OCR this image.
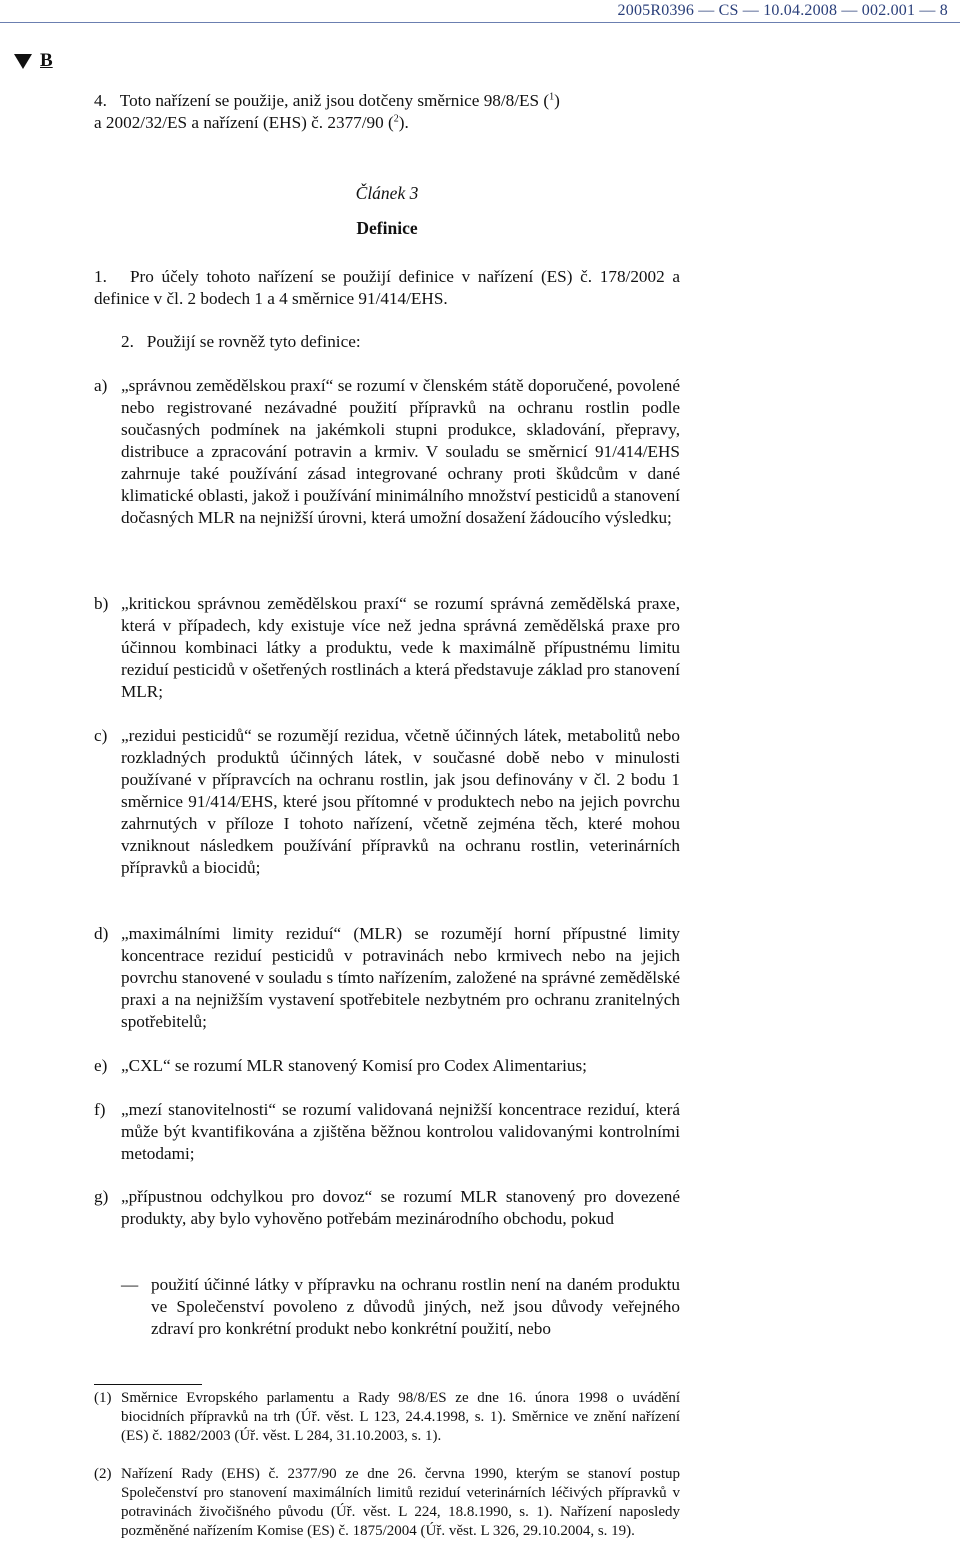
2005R0396 — CS — 10.04.2008 — 002.001 — 8
B
4. Toto nařízení se použije, aniž jsou dotčeny směrnice 98/8/ES ($^1$)
a 2002/32/ES a nařízení (EHS) č. 2377/90 ($^2$).
Článek 3
Definice
1. Pro účely tohoto nařízení se použijí definice v nařízení (ES) č. 178/2002 a definice v čl. 2 bodech 1 a 4 směrnice 91/414/EHS.
2. Použijí se rovněž tyto definice:
a) „správnou zemědělskou praxí“ se rozumí v členském státě doporučené, povolené nebo registrované nezávadné použití přípravků na ochranu rostlin podle současných podmínek na jakémkoli stupni produkce, skladování, přepravy, distribuce a zpracování potravin a krmiv. V souladu se směrnicí 91/414/EHS zahrnuje také používání zásad integrované ochrany proti škůdcům v dané klimatické oblasti, jakož i používání minimálního množství pesticidů a stanovení dočasných MLR na nejnižší úrovni, která umožní dosažení žádoucího výsledku;
b) „kritickou správnou zemědělskou praxí“ se rozumí správná zemědělská praxe, která v případech, kdy existuje více než jedna správná zemědělská praxe pro účinnou kombinaci látky a produktu, vede k maximálně přípustnému limitu reziduí pesticidů v ošetřených rostlinách a která představuje základ pro stanovení MLR;
c) „rezidui pesticidů“ se rozumějí rezidua, včetně účinných látek, metabolitů nebo rozkladných produktů účinných látek, v současné době nebo v minulosti používané v přípravcích na ochranu rostlin, jak jsou definovány v čl. 2 bodu 1 směrnice 91/414/EHS, které jsou přítomné v produktech nebo na jejich povrchu zahrnutých v příloze I tohoto nařízení, včetně zejména těch, které mohou vzniknout následkem používání přípravků na ochranu rostlin, veterinárních přípravků a biocidů;
d) „maximálními limity reziduí“ (MLR) se rozumějí horní přípustné limity koncentrace reziduí pesticidů v potravinách nebo krmivech nebo na jejich povrchu stanovené v souladu s tímto nařízením, založené na správné zemědělské praxi a na nejnižším vystavení spotřebitele nezbytném pro ochranu zranitelných spotřebitelů;
e) „CXL“ se rozumí MLR stanovený Komisí pro Codex Alimentarius;
f) „mezí stanovitelnosti“ se rozumí validovaná nejnižší koncentrace reziduí, která může být kvantifikována a zjištěna běžnou kontrolou validovanými kontrolními metodami;
g) „přípustnou odchylkou pro dovoz“ se rozumí MLR stanovený pro dovezené produkty, aby bylo vyhověno potřebám mezinárodního obchodu, pokud
— použití účinné látky v přípravku na ochranu rostlin není na daném produktu ve Společenství povoleno z důvodů jiných, než jsou důvody veřejného zdraví pro konkrétní produkt nebo konkrétní použití, nebo
(1) Směrnice Evropského parlamentu a Rady 98/8/ES ze dne 16. února 1998 o uvádění biocidních přípravků na trh (Úř. věst. L 123, 24.4.1998, s. 1). Směrnice ve znění nařízení (ES) č. 1882/2003 (Úř. věst. L 284, 31.10.2003, s. 1).
(2) Nařízení Rady (EHS) č. 2377/90 ze dne 26. června 1990, kterým se stanoví postup Společenství pro stanovení maximálních limitů reziduí veterinárních léčivých přípravků v potravinách živočišného původu (Úř. věst. L 224, 18.8.1990, s. 1). Nařízení naposledy pozměněné nařízením Komise (ES) č. 1875/2004 (Úř. věst. L 326, 29.10.2004, s. 19).
